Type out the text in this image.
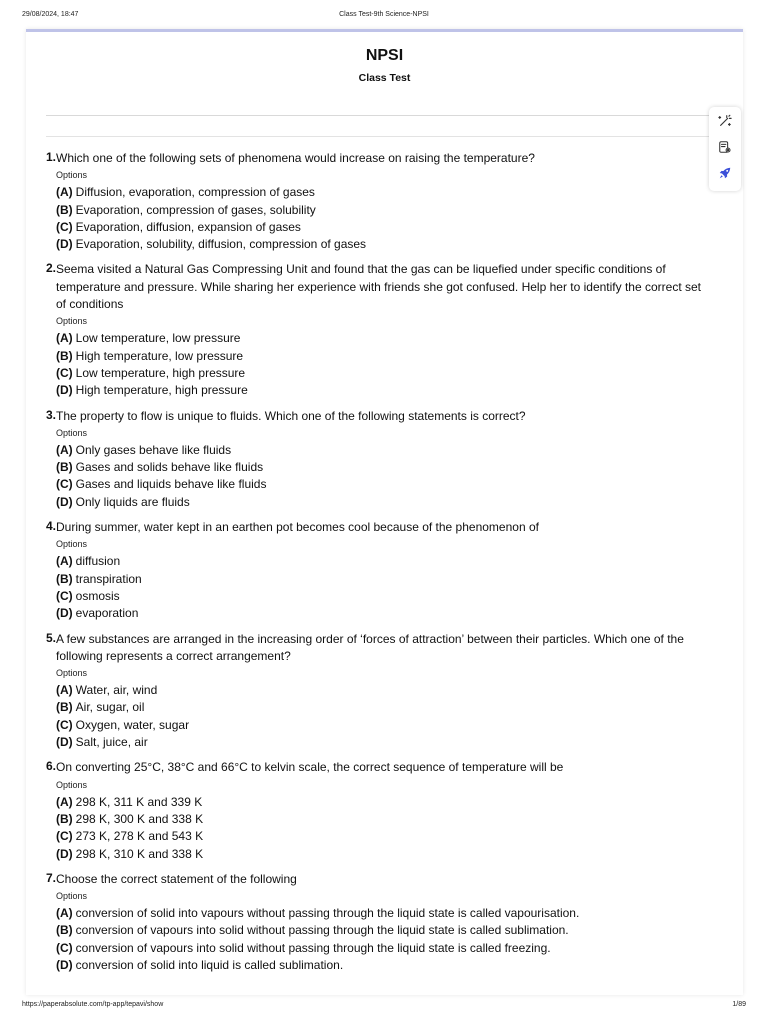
29/08/2024, 18:47	Class Test-9th Science-NPSI
NPSI
Class Test
1. Which one of the following sets of phenomena would increase on raising the temperature?
Options
(A) Diffusion, evaporation, compression of gases
(B) Evaporation, compression of gases, solubility
(C) Evaporation, diffusion, expansion of gases
(D) Evaporation, solubility, diffusion, compression of gases
2. Seema visited a Natural Gas Compressing Unit and found that the gas can be liquefied under specific conditions of temperature and pressure. While sharing her experience with friends she got confused. Help her to identify the correct set of conditions
Options
(A) Low temperature, low pressure
(B) High temperature, low pressure
(C) Low temperature, high pressure
(D) High temperature, high pressure
3. The property to flow is unique to fluids. Which one of the following statements is correct?
Options
(A) Only gases behave like fluids
(B) Gases and solids behave like fluids
(C) Gases and liquids behave like fluids
(D) Only liquids are fluids
4. During summer, water kept in an earthen pot becomes cool because of the phenomenon of
Options
(A) diffusion
(B) transpiration
(C) osmosis
(D) evaporation
5. A few substances are arranged in the increasing order of ‘forces of attraction’ between their particles. Which one of the following represents a correct arrangement?
Options
(A) Water, air, wind
(B) Air, sugar, oil
(C) Oxygen, water, sugar
(D) Salt, juice, air
6. On converting 25°C, 38°C and 66°C to kelvin scale, the correct sequence of temperature will be
Options
(A) 298 K, 311 K and 339 K
(B) 298 K, 300 K and 338 K
(C) 273 K, 278 K and 543 K
(D) 298 K, 310 K and 338 K
7. Choose the correct statement of the following
Options
(A) conversion of solid into vapours without passing through the liquid state is called vapourisation.
(B) conversion of vapours into solid without passing through the liquid state is called sublimation.
(C) conversion of vapours into solid without passing through the liquid state is called freezing.
(D) conversion of solid into liquid is called sublimation.
https://paperabsolute.com/tp-app/tepavi/show	1/89
